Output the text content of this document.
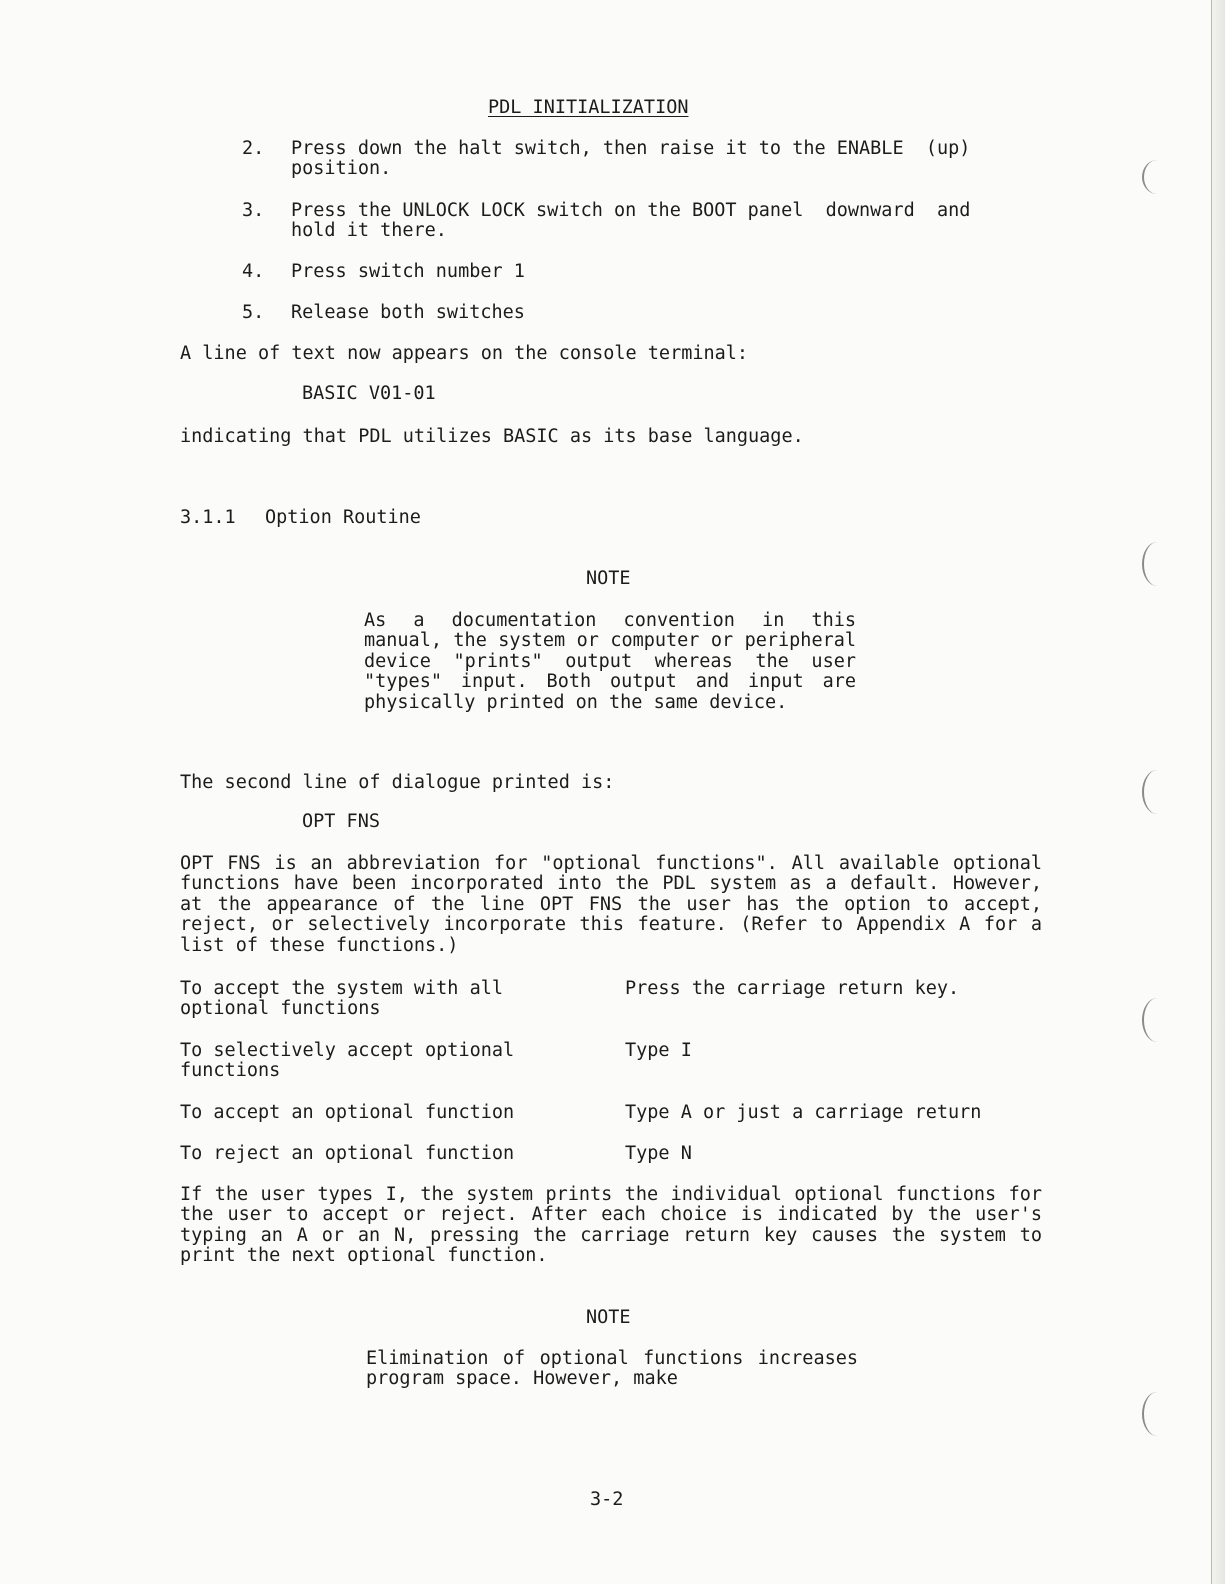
PDL INITIALIZATION
2. Press down the halt switch, then raise it to the ENABLE  (up)
position.
3. Press the UNLOCK LOCK switch on the BOOT panel  downward  and
hold it there.
4. Press switch number 1
5. Release both switches
A line of text now appears on the console terminal:
BASIC V01-01
indicating that PDL utilizes BASIC as its base language.
3.1.1 Option Routine
NOTE
As a documentation convention in this manual, the system or computer or peripheral device "prints" output whereas the user "types" input. Both output and input are physically printed on the same device.
The second line of dialogue printed is:
OPT FNS
OPT FNS is an abbreviation for "optional functions". All available optional functions have been incorporated into the PDL system as a default. However, at the appearance of the line OPT FNS the user has the option to accept, reject, or selectively incorporate this feature. (Refer to Appendix A for a list of these functions.)
To accept the system with all
optional functions
Press the carriage return key.
To selectively accept optional
functions
Type I
To accept an optional function	Type A or just a carriage return
To reject an optional function	Type N
If the user types I, the system prints the individual optional functions for the user to accept or reject. After each choice is indicated by the user's typing an A or an N, pressing the carriage return key causes the system to print the next optional function.
NOTE
Elimination of optional functions increases program space. However, make
3-2
